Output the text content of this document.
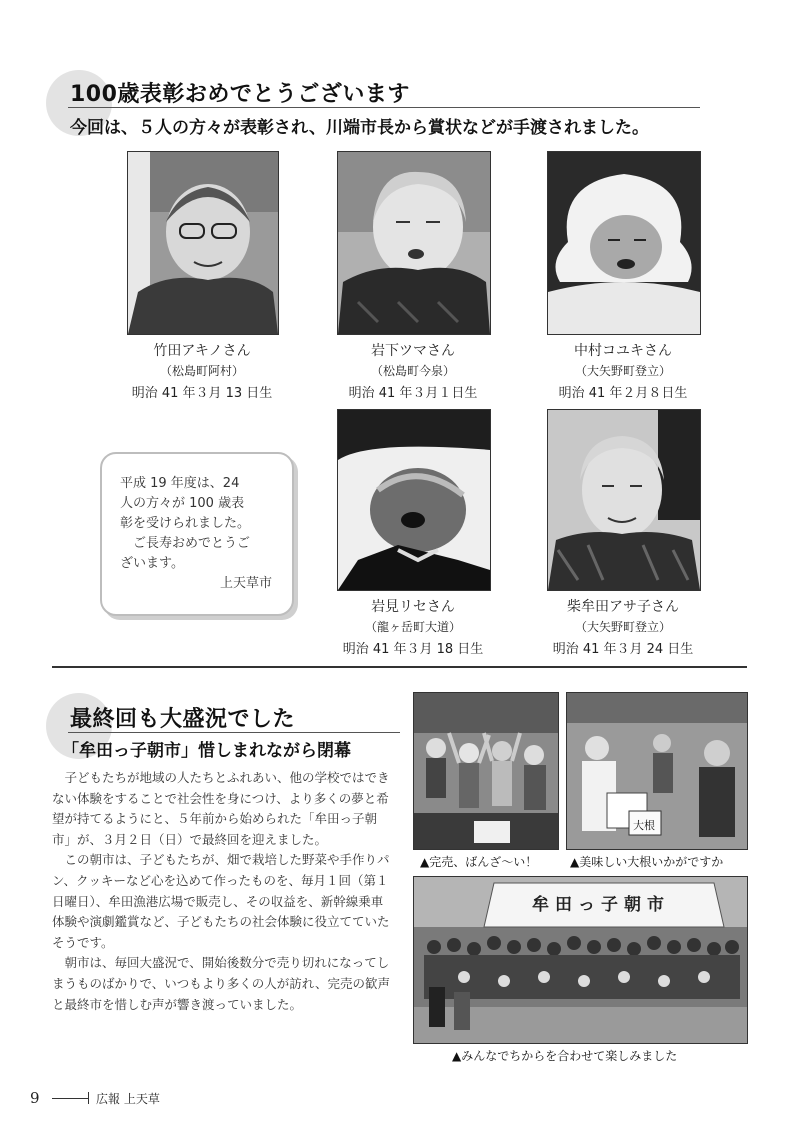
100歳表彰おめでとうございます
今回は、５人の方々が表彰され、川端市長から賞状などが手渡されました。
竹田アキノさん
（松島町阿村）
明治 41 年３月 13 日生
岩下ツマさん
（松島町今泉）
明治 41 年３月１日生
中村コユキさん
（大矢野町登立）
明治 41 年２月８日生

平成 19 年度は、24

人の方々が 100 歳表

彰を受けられました。

ご長寿おめでとうご

ざいます。

上天草市

岩見リセさん
（龍ヶ岳町大道）
明治 41 年３月 18 日生
柴牟田アサ子さん
（大矢野町登立）
明治 41 年３月 24 日生
最終回も大盛況でした
「牟田っ子朝市」惜しまれながら閉幕

子どもたちが地域の人たちとふれあい、他の学校ではできない体験をすることで社会性を身につけ、より多くの夢と希望が持てるようにと、５年前から始められた「牟田っ子朝市」が、３月２日（日）で最終回を迎えました。

この朝市は、子どもたちが、畑で栽培した野菜や手作りパン、クッキーなど心を込めて作ったものを、毎月１回（第１日曜日）、牟田漁港広場で販売し、その収益を、新幹線乗車体験や演劇鑑賞など、子どもたちの社会体験に役立てていたそうです。

朝市は、毎回大盛況で、開始後数分で売り切れになってしまうものばかりで、いつもより多くの人が訪れ、完売の歓声と最終市を惜しむ声が響き渡っていました。

大根
▲完売、ばんざ〜い！	▲美味しい大根いかがですか
牟田っ子朝市
▲みんなでちからを合わせて楽しみました
9	広報 上天草
